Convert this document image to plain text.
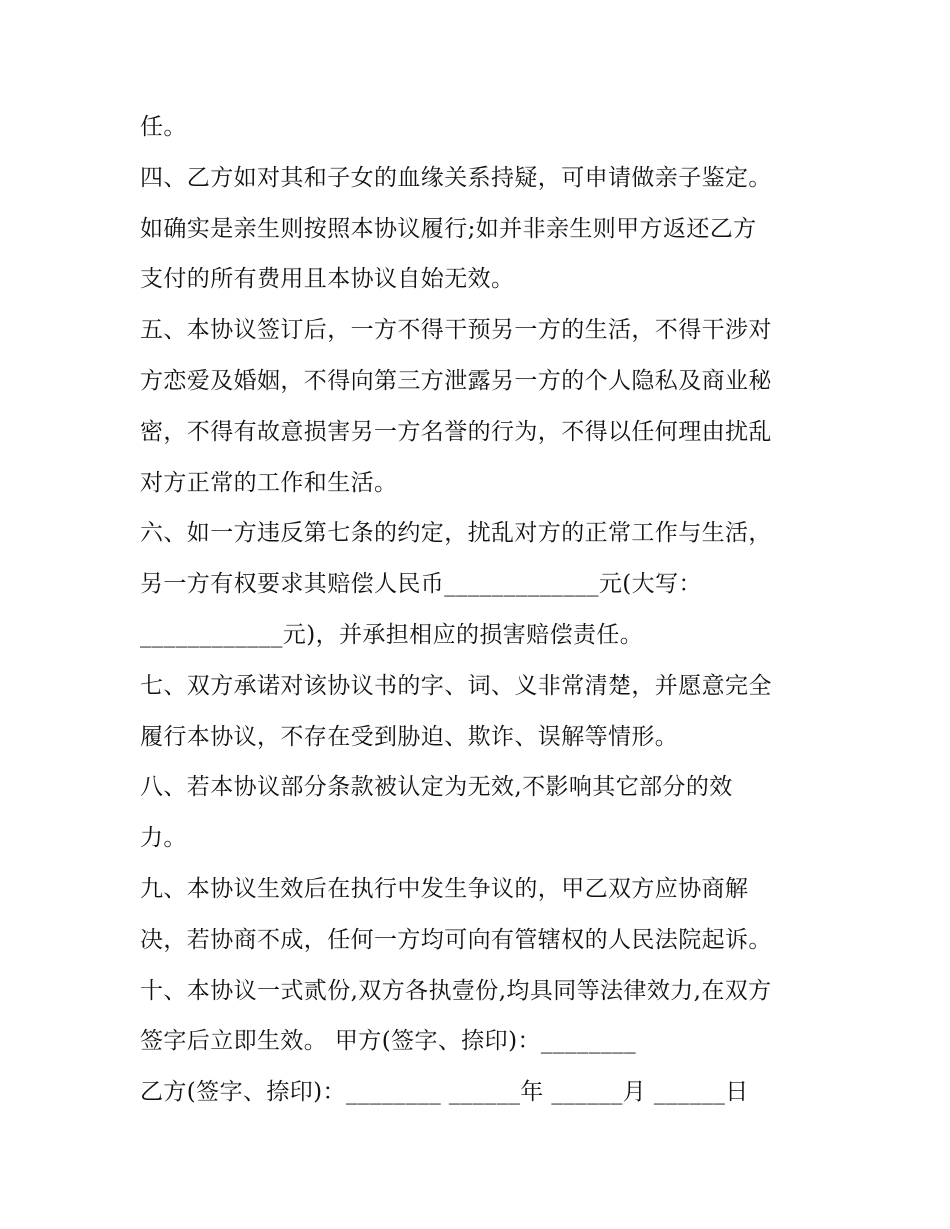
任。
四、乙方如对其和子女的血缘关系持疑，可申请做亲子鉴定。
如确实是亲生则按照本协议履行;如并非亲生则甲方返还乙方
支付的所有费用且本协议自始无效。
五、本协议签订后，一方不得干预另一方的生活，不得干涉对
方恋爱及婚姻，不得向第三方泄露另一方的个人隐私及商业秘
密，不得有故意损害另一方名誉的行为，不得以任何理由扰乱
对方正常的工作和生活。
六、如一方违反第七条的约定，扰乱对方的正常工作与生活，
另一方有权要求其赔偿人民币_____________元(大写：
____________元)，并承担相应的损害赔偿责任。
七、双方承诺对该协议书的字、词、义非常清楚，并愿意完全
履行本协议，不存在受到胁迫、欺诈、误解等情形。
八、若本协议部分条款被认定为无效,不影响其它部分的效
力。
九、本协议生效后在执行中发生争议的，甲乙双方应协商解
决，若协商不成，任何一方均可向有管辖权的人民法院起诉。
十、本协议一式贰份,双方各执壹份,均具同等法律效力,在双方
签字后立即生效。 甲方(签字、捺印)：________
乙方(签字、捺印)：________ ______年 ______月 ______日
